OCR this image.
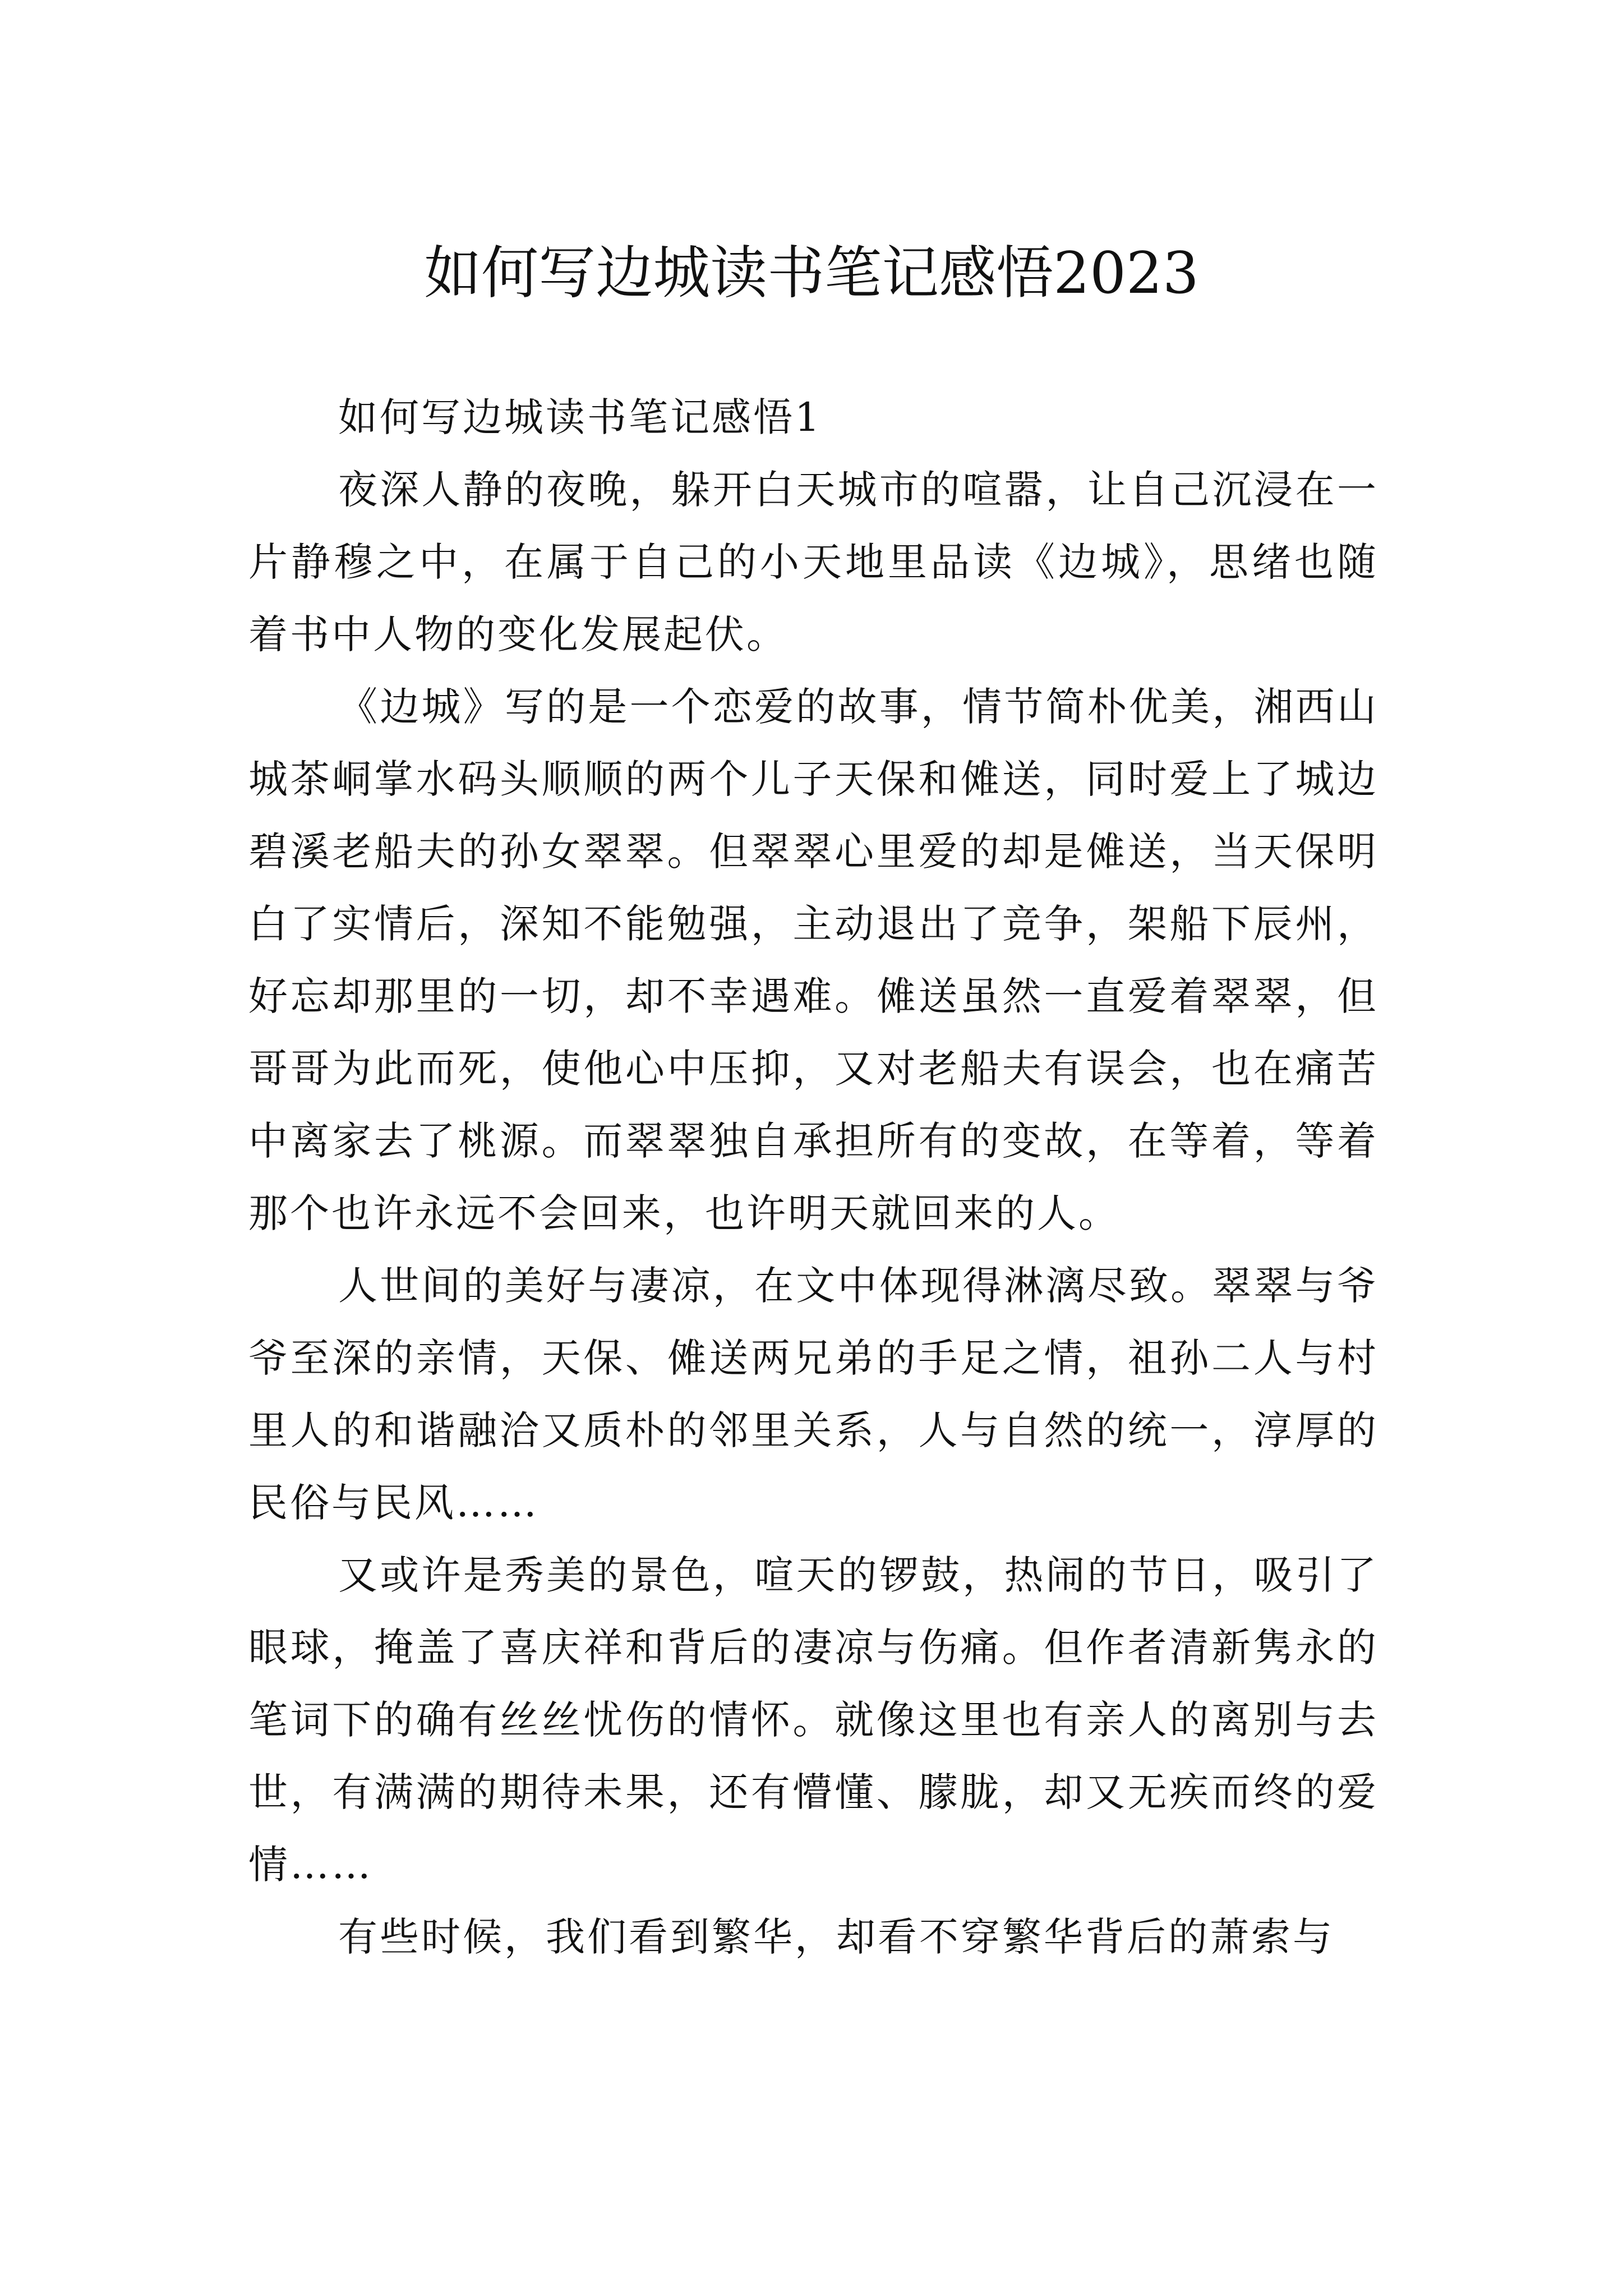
如何写边城读书笔记感悟2023

如何写边城读书笔记感悟1

夜深人静的夜晚，躲开白天城市的喧嚣，让自己沉浸在一片静穆之中，在属于自己的小天地里品读《边城》，思绪也随着书中人物的变化发展起伏。

《边城》写的是一个恋爱的故事，情节简朴优美，湘西山城茶峒掌水码头顺顺的两个儿子天保和傩送，同时爱上了城边碧溪老船夫的孙女翠翠。但翠翠心里爱的却是傩送，当天保明白了实情后，深知不能勉强，主动退出了竞争，架船下辰州，好忘却那里的一切，却不幸遇难。傩送虽然一直爱着翠翠，但哥哥为此而死，使他心中压抑，又对老船夫有误会，也在痛苦中离家去了桃源。而翠翠独自承担所有的变故，在等着，等着那个也许永远不会回来，也许明天就回来的人。

人世间的美好与凄凉，在文中体现得淋漓尽致。翠翠与爷爷至深的亲情，天保、傩送两兄弟的手足之情，祖孙二人与村里人的和谐融洽又质朴的邻里关系，人与自然的统一，淳厚的民俗与民风……

又或许是秀美的景色，喧天的锣鼓，热闹的节日，吸引了眼球，掩盖了喜庆祥和背后的凄凉与伤痛。但作者清新隽永的笔词下的确有丝丝忧伤的情怀。就像这里也有亲人的离别与去世，有满满的期待未果，还有懵懂、朦胧，却又无疾而终的爱情……

有些时候，我们看到繁华，却看不穿繁华背后的萧索与
